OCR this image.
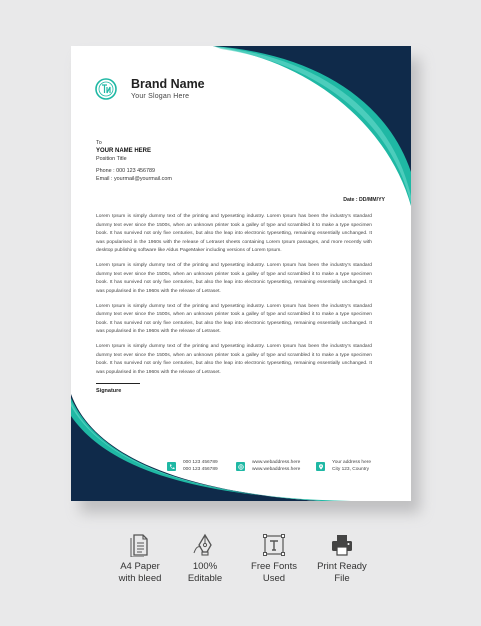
Brand Name
Your Slogan Here
To
YOUR NAME HERE
Position Title
Phone : 000 123 456789
Email : yourmail@yourmail.com
Date : DD/MM/YY

Lorem Ipsum is simply dummy text of the printing and typesetting industry. Lorem Ipsum has been the industry's standard dummy text ever since the 1500s, when an unknown printer took a galley of type and scrambled it to make a type specimen book. It has survived not only five centuries, but also the leap into electronic typesetting, remaining essentially unchanged. It was popularised in the 1960s with the release of Letraset sheets containing Lorem Ipsum passages, and more recently with desktop publishing software like Aldus PageMaker including versions of Lorem Ipsum.

Lorem Ipsum is simply dummy text of the printing and typesetting industry. Lorem Ipsum has been the industry's standard dummy text ever since the 1500s, when an unknown printer took a galley of type and scrambled it to make a type specimen book. It has survived not only five centuries, but also the leap into electronic typesetting, remaining essentially unchanged. It was popularised in the 1960s with the release of Letraset.

Lorem Ipsum is simply dummy text of the printing and typesetting industry. Lorem Ipsum has been the industry's standard dummy text ever since the 1500s, when an unknown printer took a galley of type and scrambled it to make a type specimen book. It has survived not only five centuries, but also the leap into electronic typesetting, remaining essentially unchanged. It was popularised in the 1960s with the release of Letraset.

Lorem Ipsum is simply dummy text of the printing and typesetting industry. Lorem Ipsum has been the industry's standard dummy text ever since the 1500s, when an unknown printer took a galley of type and scrambled it to make a type specimen book. It has survived not only five centuries, but also the leap into electronic typesetting, remaining essentially unchanged. It was popularised in the 1960s with the release of Letraset.

Signature
000 123 456789
000 123 456789
www.webaddress.here
www.webaddress.here
Your address here
City 123, Country
A4 Paper
with bleed
100%
Editable
Free Fonts
Used
Print Ready
File
